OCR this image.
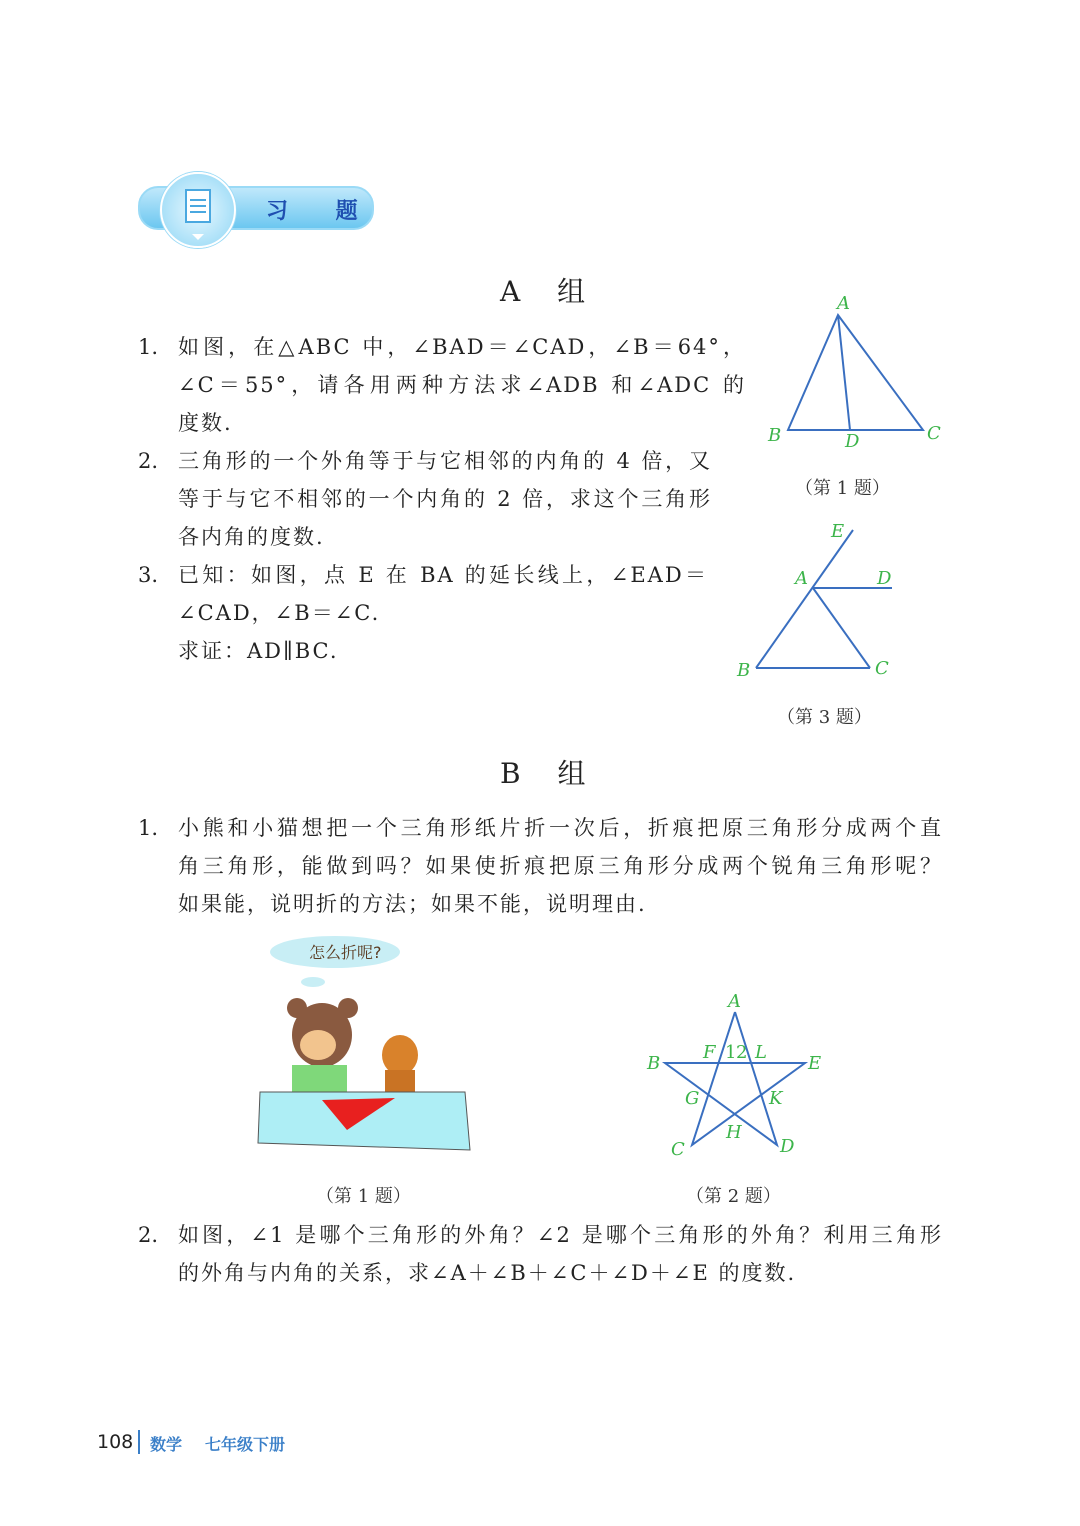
习 题
A 组
1. 如图，在△ABC 中，∠BAD＝∠CAD，∠B＝64°，
∠C＝55°，请各用两种方法求∠ADB 和∠ADC 的
度数.
2. 三角形的一个外角等于与它相邻的内角的 4 倍，又
等于与它不相邻的一个内角的 2 倍，求这个三角形
各内角的度数.
3. 已知：如图，点 E 在 BA 的延长线上，∠EAD＝
∠CAD，∠B＝∠C.
求证：AD∥BC.
（第 1 题）
（第 3 题）
B 组
1. 小熊和小猫想把一个三角形纸片折一次后，折痕把原三角形分成两个直
角三角形，能做到吗？如果使折痕把原三角形分成两个锐角三角形呢？
如果能，说明折的方法；如果不能，说明理由.
（第 1 题）	（第 2 题）
2. 如图，∠1 是哪个三角形的外角？∠2 是哪个三角形的外角？利用三角形
的外角与内角的关系，求∠A＋∠B＋∠C＋∠D＋∠E 的度数.
A
B	C
D
E
A	D
B	C
怎么折呢?
A
B	E
C	D
F L
G	K
H
1 2
108 数学 七年级下册
